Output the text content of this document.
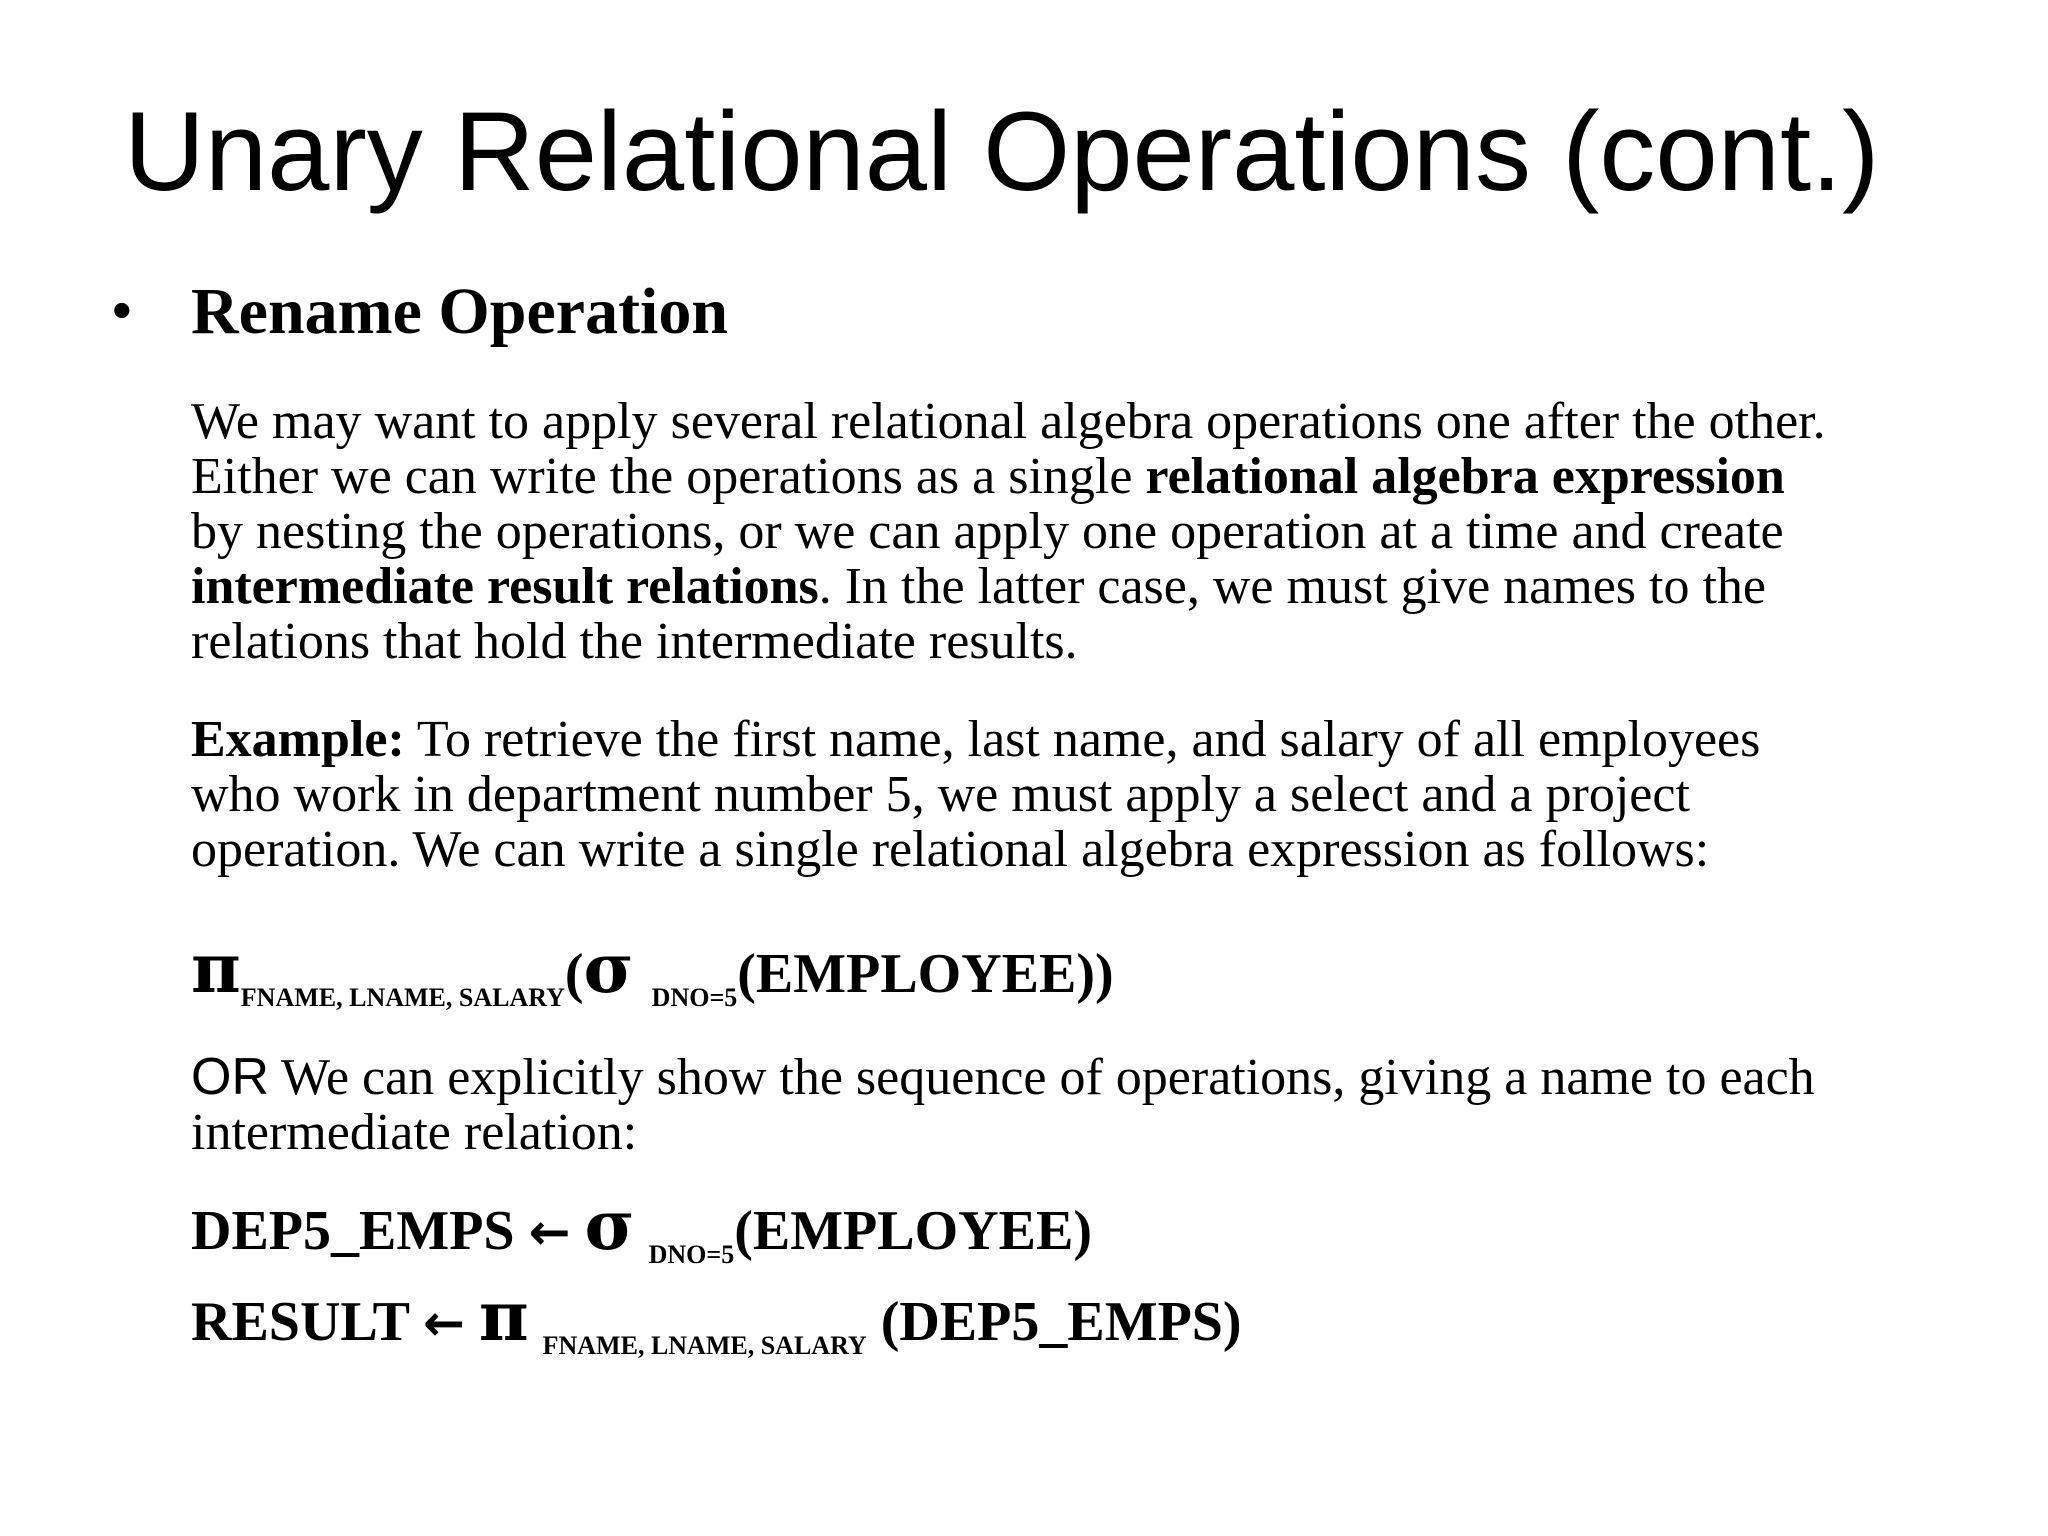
Unary Relational Operations (cont.)
• Rename Operation
We may want to apply several relational algebra operations one after the other.
Either we can write the operations as a single relational algebra expression
by nesting the operations, or we can apply one operation at a time and create
intermediate result relations. In the latter case, we must give names to the
relations that hold the intermediate results.
Example: To retrieve the first name, last name, and salary of all employees
who work in department number 5, we must apply a select and a project
operation. We can write a single relational algebra expression as follows:
$\pi_{FNAME, LNAME, SALARY}(\sigma$ $_{DNO=5}$(EMPLOYEE))
OR We can explicitly show the sequence of operations, giving a name to each
intermediate relation:
DEP5_EMPS ← σ $_{DNO=5}$(EMPLOYEE)
RESULT ← π $_{FNAME, LNAME, SALARY}$ (DEP5_EMPS)
